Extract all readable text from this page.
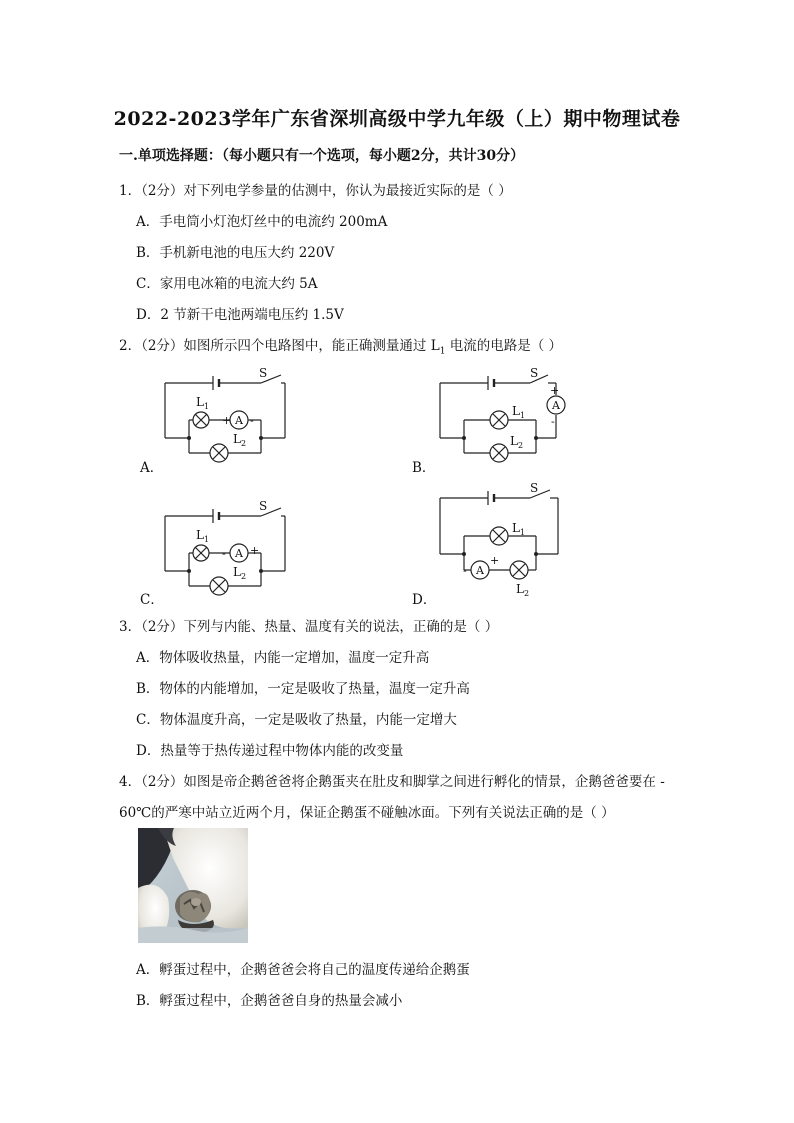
2022-2023学年广东省深圳高级中学九年级（上）期中物理试卷
一.单项选择题：（每小题只有一个选项，每小题2分，共计30分）
1．（2分）对下列电学参量的估测中，你认为最接近实际的是（ ）
A．手电筒小灯泡灯丝中的电流约 200mA
B．手机新电池的电压大约 220V
C．家用电冰箱的电流大约 5A
D．2 节新干电池两端电压约 1.5V
2．（2分）如图所示四个电路图中，能正确测量通过 $L_1$ 电流的电路是（ ）
A．	B．
C．	D．
S
L 1
+ A -
L 2
S
+
A
-
L 1
L 2
S
L 1
- A +
L 2
S
L 1
- A
+
L 2
3．（2分）下列与内能、热量、温度有关的说法，正确的是（ ）
A．物体吸收热量，内能一定增加，温度一定升高
B．物体的内能增加，一定是吸收了热量，温度一定升高
C．物体温度升高，一定是吸收了热量，内能一定增大
D．热量等于热传递过程中物体内能的改变量
4．（2分）如图是帝企鹅爸爸将企鹅蛋夹在肚皮和脚掌之间进行孵化的情景，企鹅爸爸要在 -
60℃的严寒中站立近两个月，保证企鹅蛋不碰触冰面。下列有关说法正确的是（ ）
A．孵蛋过程中，企鹅爸爸会将自己的温度传递给企鹅蛋
B．孵蛋过程中，企鹅爸爸自身的热量会减小
